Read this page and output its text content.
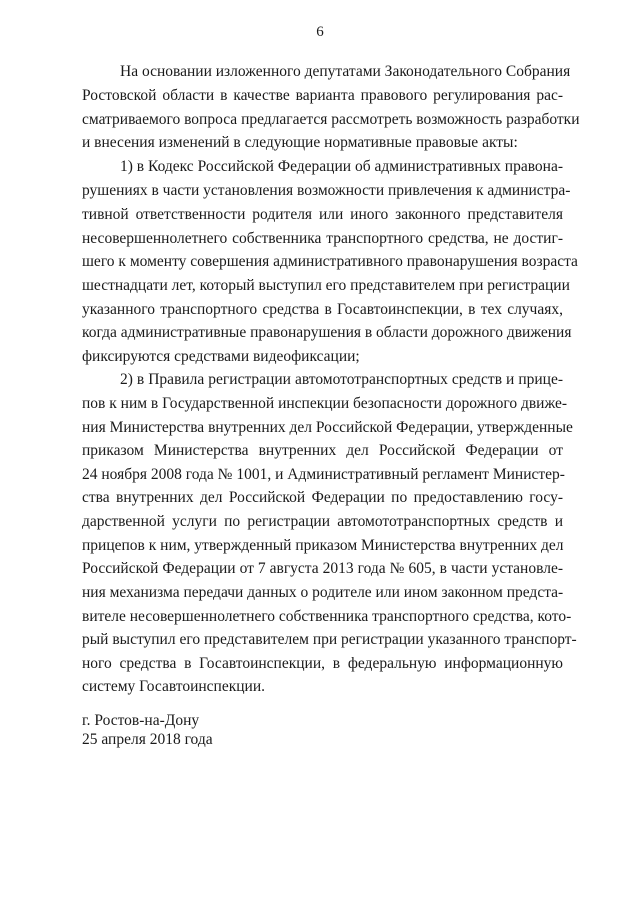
6
На основании изложенного депутатами Законодательного Собрания
Ростовской области в качестве варианта правового регулирования рас-
сматриваемого вопроса предлагается рассмотреть возможность разработки
и внесения изменений в следующие нормативные правовые акты:
1) в Кодекс Российской Федерации об административных правона-
рушениях в части установления возможности привлечения к администра-
тивной ответственности родителя или иного законного представителя
несовершеннолетнего собственника транспортного средства, не достиг-
шего к моменту совершения административного правонарушения возраста
шестнадцати лет, который выступил его представителем при регистрации
указанного транспортного средства в Госавтоинспекции, в тех случаях,
когда административные правонарушения в области дорожного движения
фиксируются средствами видеофиксации;
2) в Правила регистрации автомототранспортных средств и прице-
пов к ним в Государственной инспекции безопасности дорожного движе-
ния Министерства внутренних дел Российской Федерации, утвержденные
приказом Министерства внутренних дел Российской Федерации от
24 ноября 2008 года № 1001, и Административный регламент Министер-
ства внутренних дел Российской Федерации по предоставлению госу-
дарственной услуги по регистрации автомототранспортных средств и
прицепов к ним, утвержденный приказом Министерства внутренних дел
Российской Федерации от 7 августа 2013 года № 605, в части установле-
ния механизма передачи данных о родителе или ином законном предста-
вителе несовершеннолетнего собственника транспортного средства, кото-
рый выступил его представителем при регистрации указанного транспорт-
ного средства в Госавтоинспекции, в федеральную информационную
систему Госавтоинспекции.
г. Ростов-на-Дону
25 апреля 2018 года
